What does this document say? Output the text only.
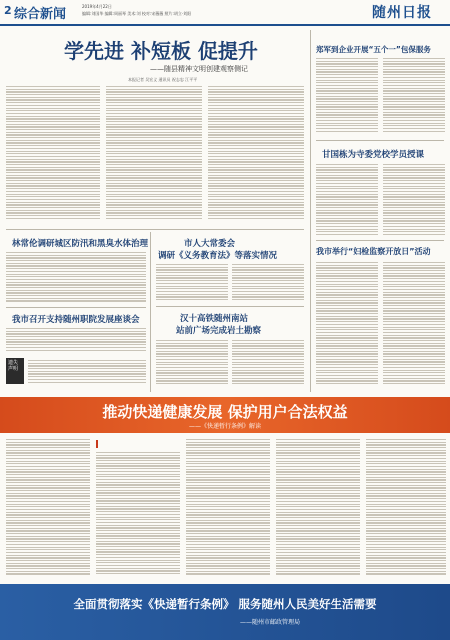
2 综合新闻
2019年4月22日
编辑:刘国华 编辑:周丽琴 美术:刘 校对:宋薇薇 照片:胡立·刘阳	随州日报
学先进 补短板 促提升
——随县精神文明创建观察侧记
本报记者 吴宏义 通讯员 祝志忠 江平平
郑军到企业开展“五个一”包保服务
甘国栋为寺委党校学员授课
我市举行“妇检监察开放日”活动
林常伦调研城区防汛和黑臭水体治理
我市召开支持随州职院发展座谈会
遗失声明
市人大常委会
调研《义务教育法》等落实情况
汉十高铁随州南站
站前广场完成岩土勘察
推动快递健康发展 保护用户合法权益
——《快递暂行条例》解读
全面贯彻落实《快递暂行条例》 服务随州人民美好生活需要
——随州市邮政管理局
